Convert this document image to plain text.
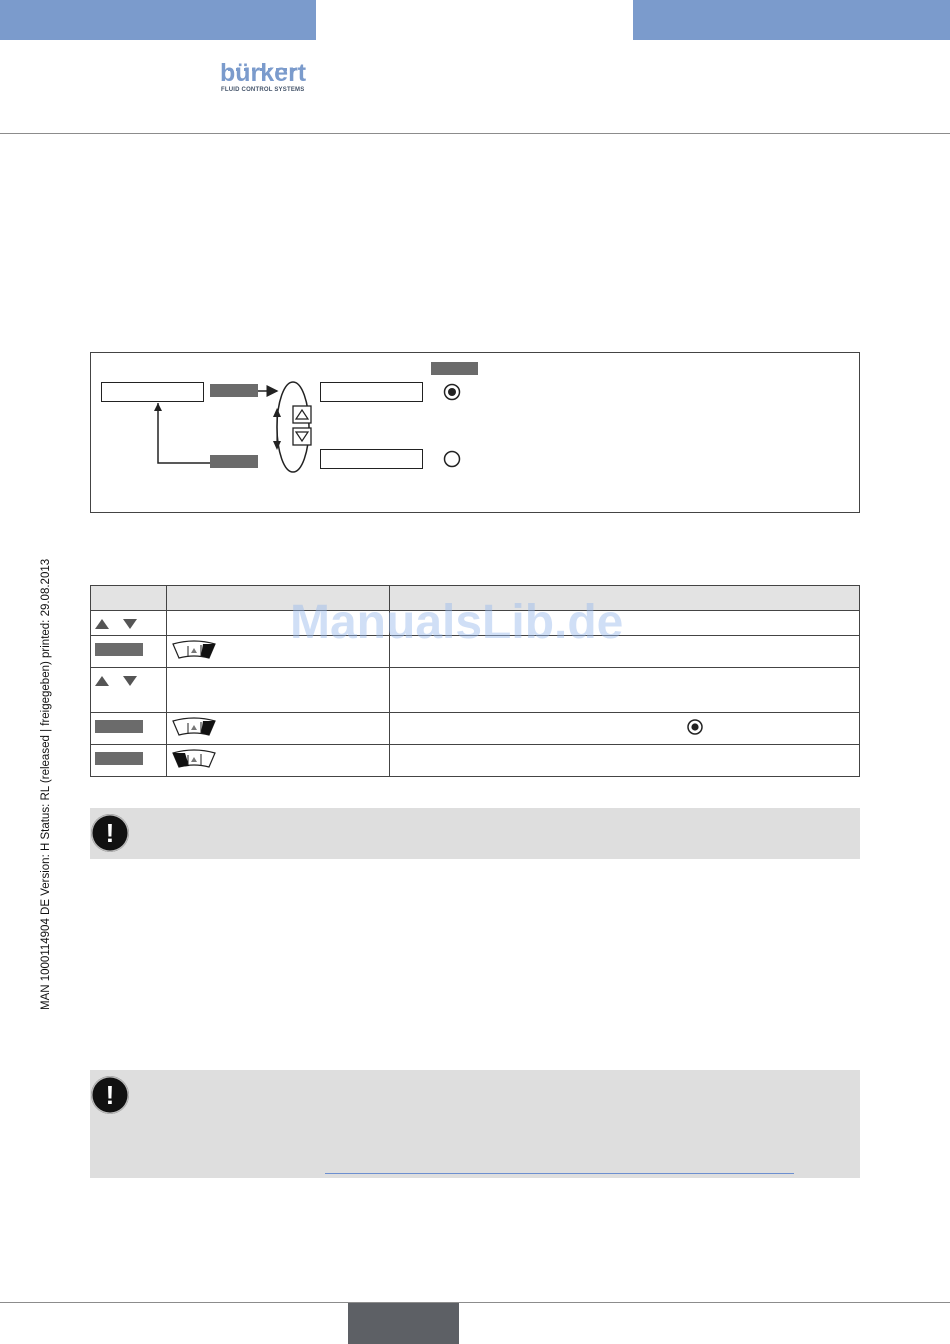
bürkert
FLUID CONTROL SYSTEMS
MAN 1000114904 DE Version: H Status: RL (released | freigegeben) printed: 29.08.2013

			ManualsLib.de
!
!
